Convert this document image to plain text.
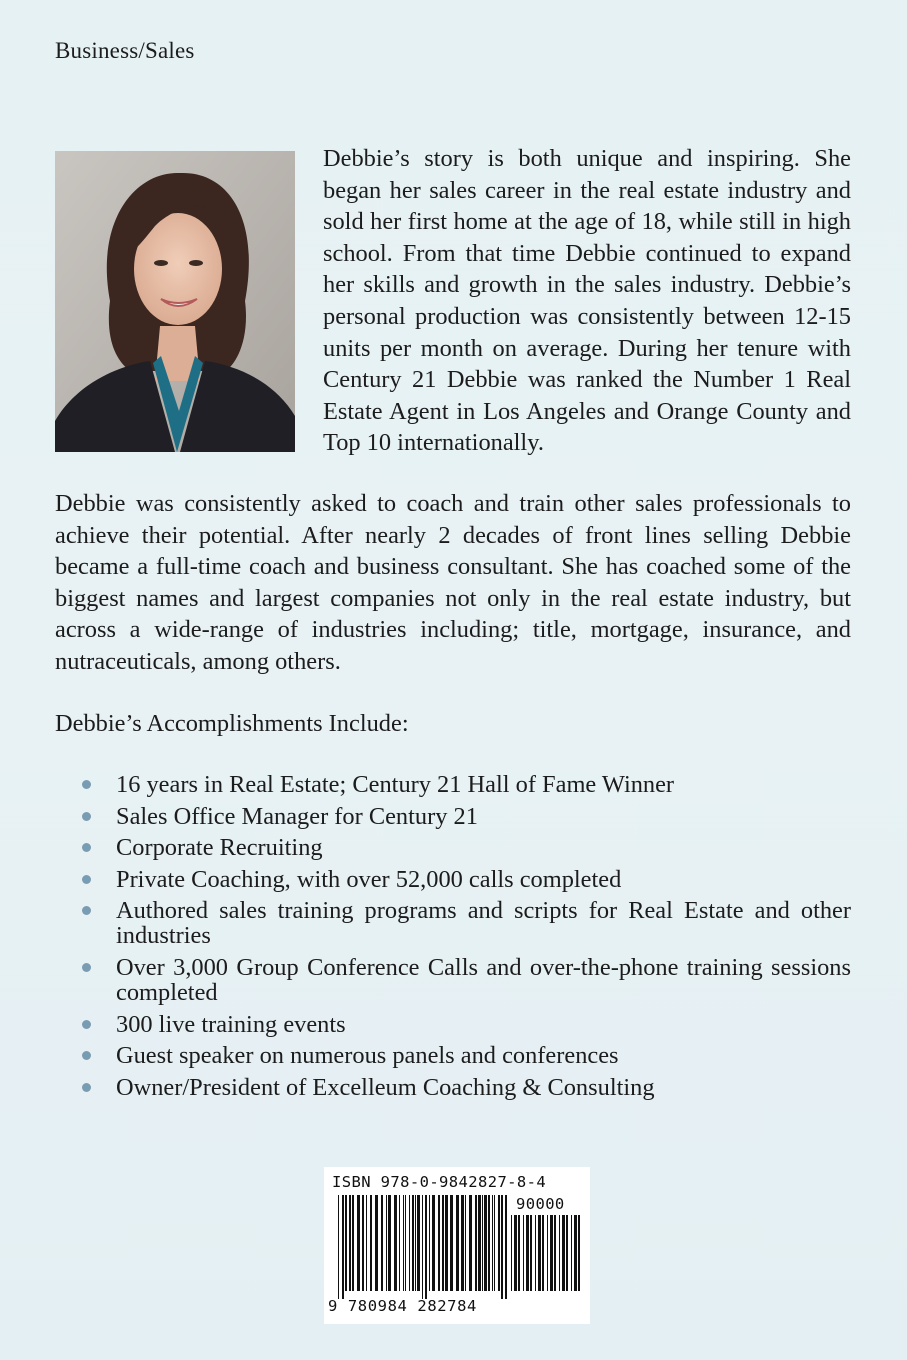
Business/Sales
Debbie’s story is both unique and inspiring. She began her sales career in the real estate industry and sold her first home at the age of 18, while still in high school. From that time Debbie continued to expand her skills and growth in the sales industry. Debbie’s personal production was consistently between 12-15 units per month on average. During her tenure with Century 21 Debbie was ranked the Number 1 Real Estate Agent in Los Angeles and Orange County and Top 10 internationally.
Debbie was consistently asked to coach and train other sales professionals to achieve their potential. After nearly 2 decades of front lines selling Debbie became a full-time coach and business consultant. She has coached some of the biggest names and largest companies not only in the real estate industry, but across a wide-range of industries including; title, mortgage, insurance, and nutraceuticals, among others.
Debbie’s Accomplishments Include:
16 years in Real Estate; Century 21 Hall of Fame Winner
Sales Office Manager for Century 21
Corporate Recruiting
Private Coaching, with over 52,000 calls completed
Authored sales training programs and scripts for Real Estate and other industries
Over 3,000 Group Conference Calls and over-the-phone training sessions completed
300 live training events
Guest speaker on numerous panels and conferences
Owner/President of Excelleum Coaching & Consulting
ISBN 978-0-9842827-8-4
90000
9 780984 282784
